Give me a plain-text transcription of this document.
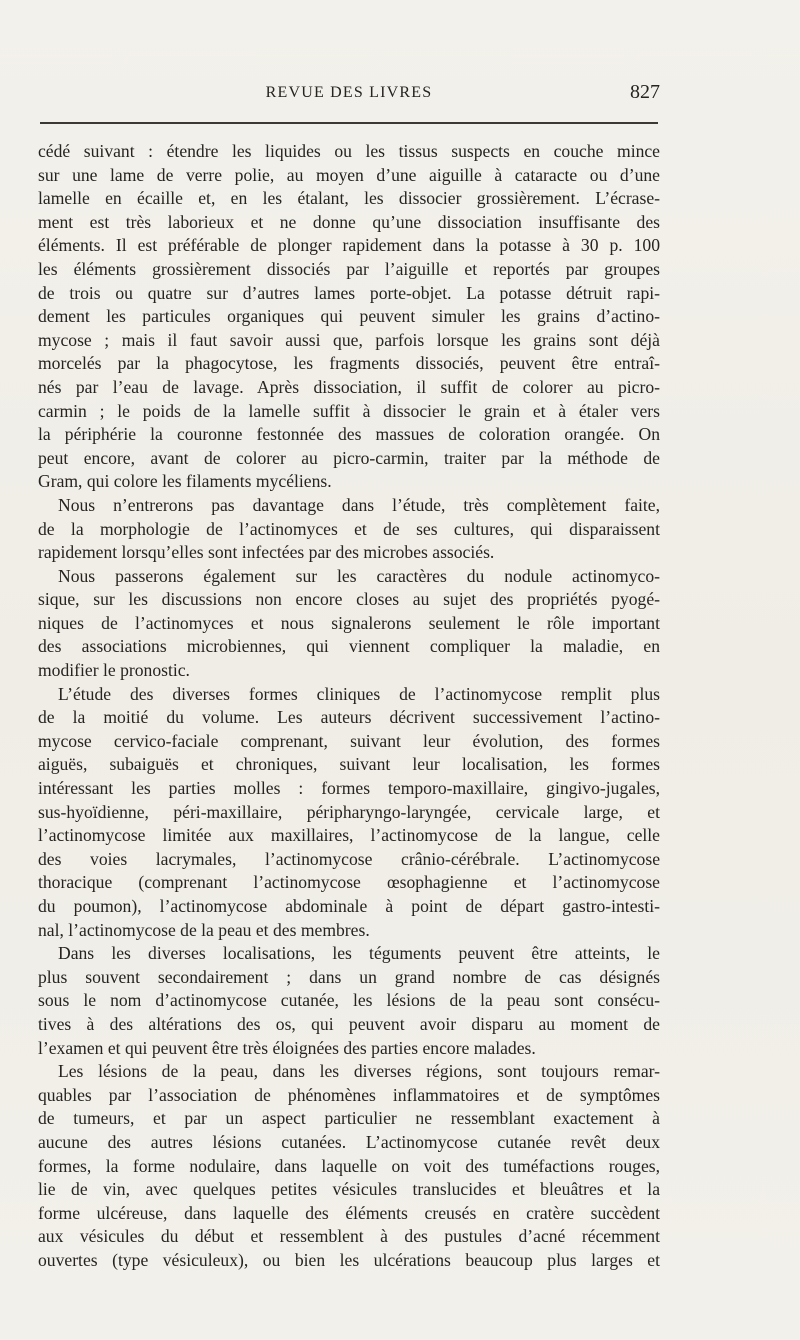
REVUE DES LIVRES	827
cédé suivant : étendre les liquides ou les tissus suspects en couche mince
sur une lame de verre polie, au moyen d’une aiguille à cataracte ou d’une
lamelle en écaille et, en les étalant, les dissocier grossièrement. L’écrase-
ment est très laborieux et ne donne qu’une dissociation insuffisante des
éléments. Il est préférable de plonger rapidement dans la potasse à 30 p. 100
les éléments grossièrement dissociés par l’aiguille et reportés par groupes
de trois ou quatre sur d’autres lames porte-objet. La potasse détruit rapi-
dement les particules organiques qui peuvent simuler les grains d’actino-
mycose ; mais il faut savoir aussi que, parfois lorsque les grains sont déjà
morcelés par la phagocytose, les fragments dissociés, peuvent être entraî-
nés par l’eau de lavage. Après dissociation, il suffit de colorer au picro-
carmin ; le poids de la lamelle suffit à dissocier le grain et à étaler vers
la périphérie la couronne festonnée des massues de coloration orangée. On
peut encore, avant de colorer au picro-carmin, traiter par la méthode de
Gram, qui colore les filaments mycéliens.
Nous n’entrerons pas davantage dans l’étude, très complètement faite,
de la morphologie de l’actinomyces et de ses cultures, qui disparaissent
rapidement lorsqu’elles sont infectées par des microbes associés.
Nous passerons également sur les caractères du nodule actinomyco-
sique, sur les discussions non encore closes au sujet des propriétés pyogé-
niques de l’actinomyces et nous signalerons seulement le rôle important
des associations microbiennes, qui viennent compliquer la maladie, en
modifier le pronostic.
L’étude des diverses formes cliniques de l’actinomycose remplit plus
de la moitié du volume. Les auteurs décrivent successivement l’actino-
mycose cervico-faciale comprenant, suivant leur évolution, des formes
aiguës, subaiguës et chroniques, suivant leur localisation, les formes
intéressant les parties molles : formes temporo-maxillaire, gingivo-jugales,
sus-hyoïdienne, péri-maxillaire, péripharyngo-laryngée, cervicale large, et
l’actinomycose limitée aux maxillaires, l’actinomycose de la langue, celle
des voies lacrymales, l’actinomycose crânio-cérébrale. L’actinomycose
thoracique (comprenant l’actinomycose œsophagienne et l’actinomycose
du poumon), l’actinomycose abdominale à point de départ gastro-intesti-
nal, l’actinomycose de la peau et des membres.
Dans les diverses localisations, les téguments peuvent être atteints, le
plus souvent secondairement ; dans un grand nombre de cas désignés
sous le nom d’actinomycose cutanée, les lésions de la peau sont consécu-
tives à des altérations des os, qui peuvent avoir disparu au moment de
l’examen et qui peuvent être très éloignées des parties encore malades.
Les lésions de la peau, dans les diverses régions, sont toujours remar-
quables par l’association de phénomènes inflammatoires et de symptômes
de tumeurs, et par un aspect particulier ne ressemblant exactement à
aucune des autres lésions cutanées. L’actinomycose cutanée revêt deux
formes, la forme nodulaire, dans laquelle on voit des tuméfactions rouges,
lie de vin, avec quelques petites vésicules translucides et bleuâtres et la
forme ulcéreuse, dans laquelle des éléments creusés en cratère succèdent
aux vésicules du début et ressemblent à des pustules d’acné récemment
ouvertes (type vésiculeux), ou bien les ulcérations beaucoup plus larges et
